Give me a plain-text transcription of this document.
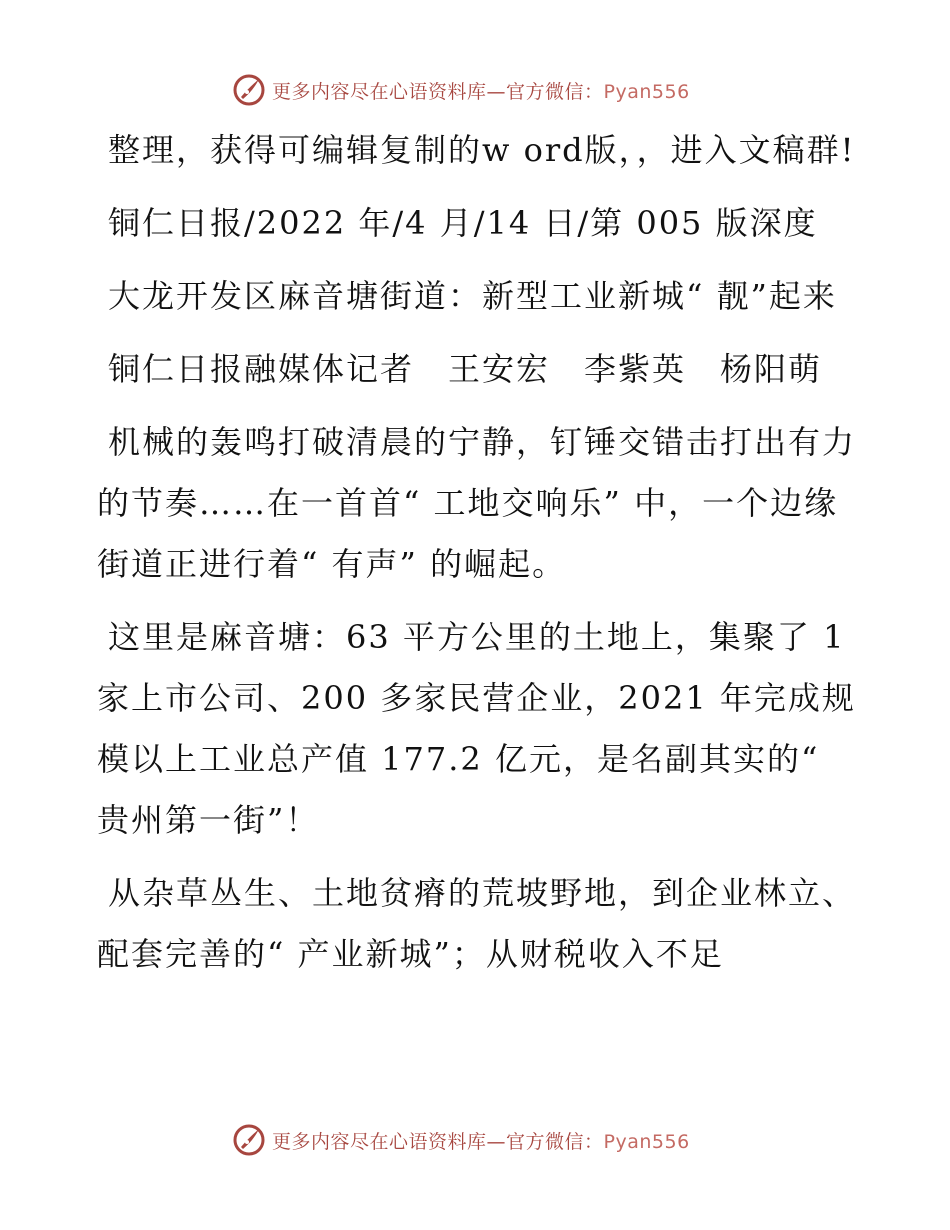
更多内容尽在心语资料库—官方微信：Pyan556

整理，获得可编辑复制的w ord版，，进入文稿群!

铜仁日报/2022 年/4 月/14 日/第 005 版深度

大龙开发区麻音塘街道：新型工业新城“ 靓”起来

铜仁日报融媒体记者　王安宏　李紫英　杨阳萌

机械的轰鸣打破清晨的宁静，钉锤交错击打出有力的节奏……在一首首“ 工地交响乐” 中，一个边缘街道正进行着“ 有声” 的崛起。

这里是麻音塘：63 平方公里的土地上，集聚了 1 家上市公司、200 多家民营企业，2021 年完成规模以上工业总产值 177.2 亿元，是名副其实的“ 贵州第一街”！

从杂草丛生、土地贫瘠的荒坡野地，到企业林立、配套完善的“ 产业新城”；从财税收入不足

更多内容尽在心语资料库—官方微信：Pyan556
